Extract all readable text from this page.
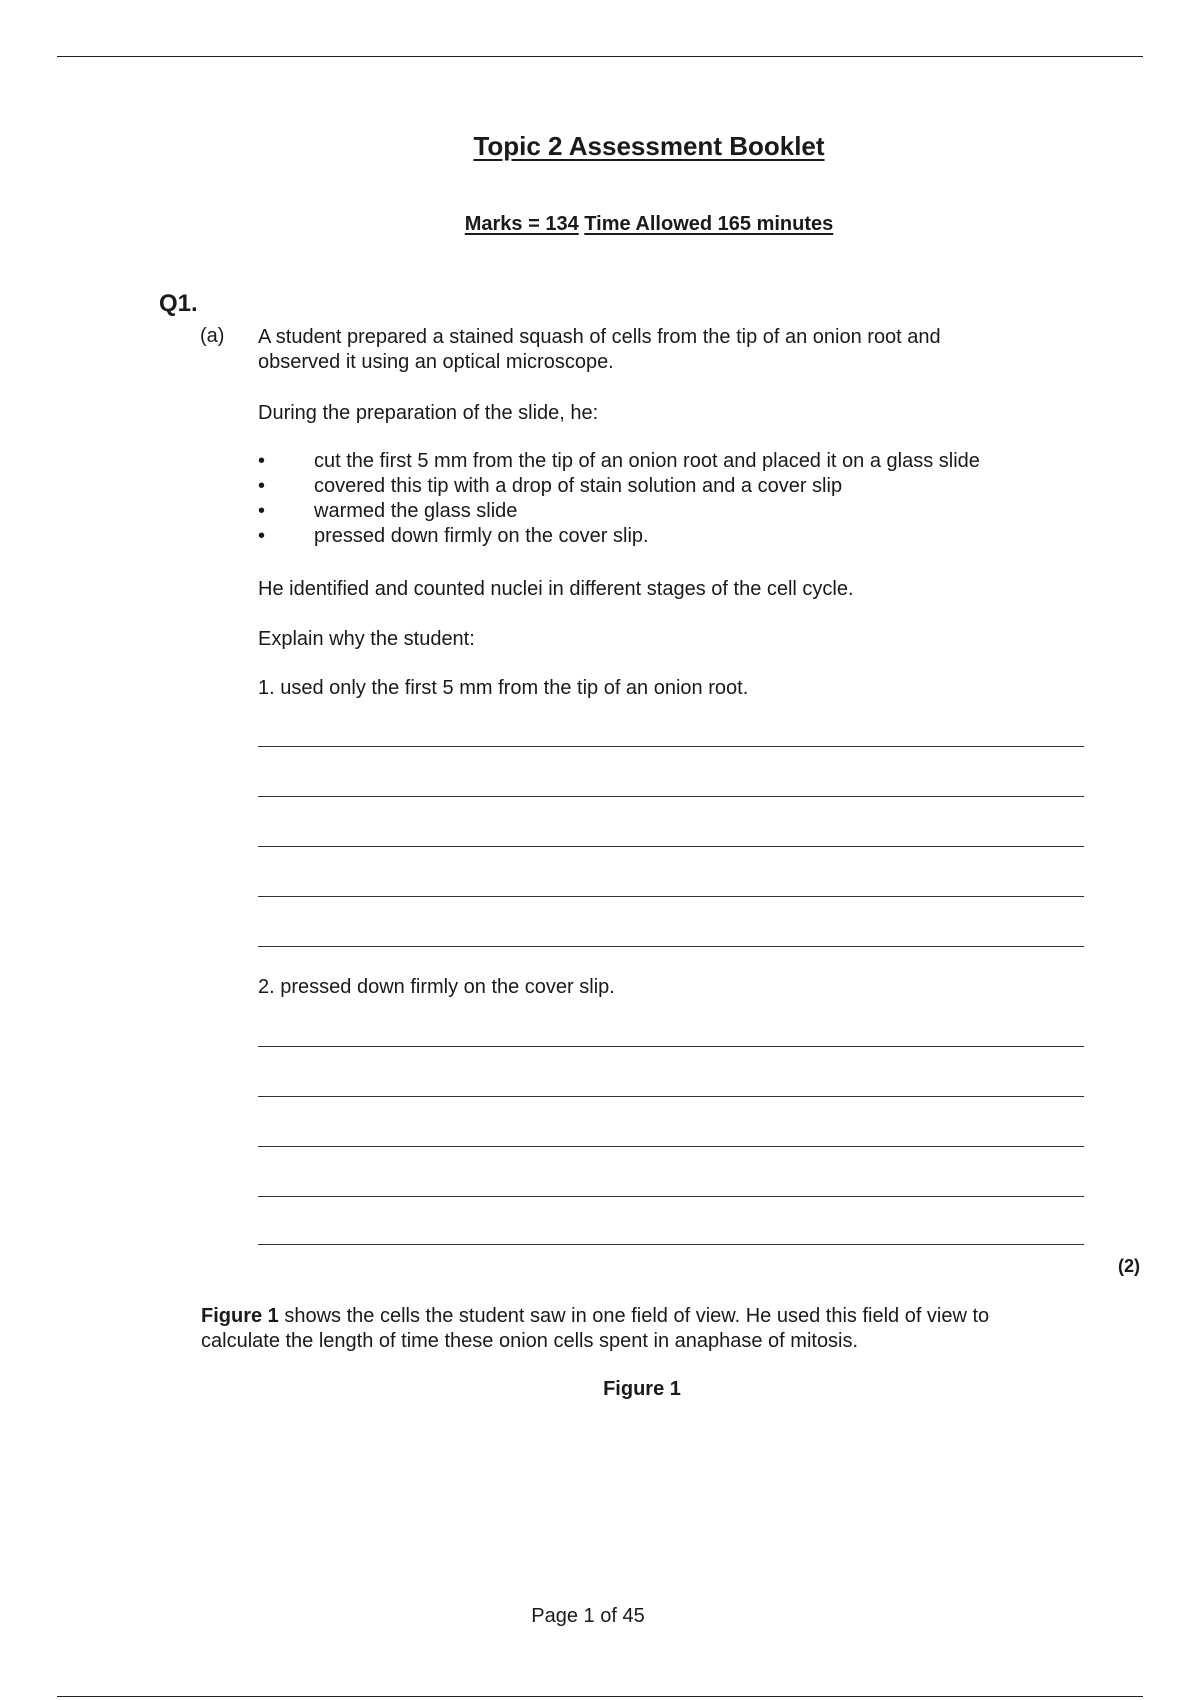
Topic 2 Assessment Booklet
Marks = 134 Time Allowed 165 minutes
Q1.
(a) A student prepared a stained squash of cells from the tip of an onion root and
observed it using an optical microscope.
During the preparation of the slide, he:
• cut the first 5 mm from the tip of an onion root and placed it on a glass slide
• covered this tip with a drop of stain solution and a cover slip
• warmed the glass slide
• pressed down firmly on the cover slip.
He identified and counted nuclei in different stages of the cell cycle.
Explain why the student:
1. used only the first 5 mm from the tip of an onion root.
2. pressed down firmly on the cover slip.
(2)
Figure 1 shows the cells the student saw in one field of view. He used this field of view to
calculate the length of time these onion cells spent in anaphase of mitosis.
Figure 1
Page 1 of 45
